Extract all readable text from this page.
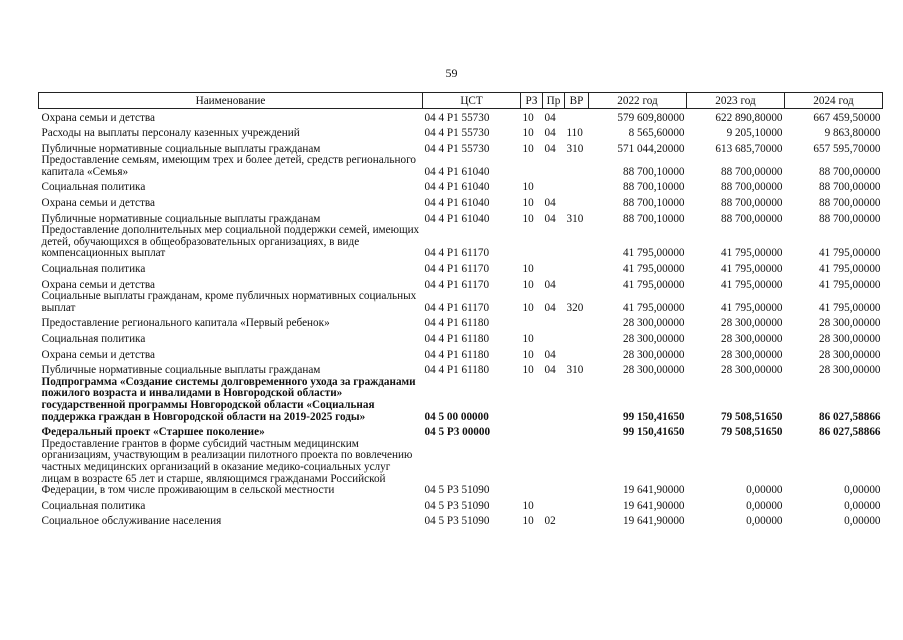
59
Наименование	ЦСТ	РЗ	Пр	ВР	2022 год	2023 год	2024 год
Охрана семьи и детства	04 4 Р1 55730	10	04		579 609,80000	622 890,80000	667 459,50000
Расходы на выплаты персоналу казенных учреждений	04 4 Р1 55730	10	04	110	8 565,60000	9 205,10000	9 863,80000
Публичные нормативные социальные выплаты гражданам	04 4 Р1 55730	10	04	310	571 044,20000	613 685,70000	657 595,70000
Предоставление семьям, имеющим трех и более детей, средств регионального капитала «Семья»	04 4 Р1 61040				88 700,10000	88 700,00000	88 700,00000
Социальная политика	04 4 Р1 61040	10			88 700,10000	88 700,00000	88 700,00000
Охрана семьи и детства	04 4 Р1 61040	10	04		88 700,10000	88 700,00000	88 700,00000
Публичные нормативные социальные выплаты гражданам	04 4 Р1 61040	10	04	310	88 700,10000	88 700,00000	88 700,00000
Предоставление дополнительных мер социальной поддержки семей, имеющих детей, обучающихся в общеобразовательных организациях, в виде компенсационных выплат	04 4 Р1 61170				41 795,00000	41 795,00000	41 795,00000
Социальная политика	04 4 Р1 61170	10			41 795,00000	41 795,00000	41 795,00000
Охрана семьи и детства	04 4 Р1 61170	10	04		41 795,00000	41 795,00000	41 795,00000
Социальные выплаты гражданам, кроме публичных нормативных социальных выплат	04 4 Р1 61170	10	04	320	41 795,00000	41 795,00000	41 795,00000
Предоставление регионального капитала «Первый ребенок»	04 4 Р1 61180				28 300,00000	28 300,00000	28 300,00000
Социальная политика	04 4 Р1 61180	10			28 300,00000	28 300,00000	28 300,00000
Охрана семьи и детства	04 4 Р1 61180	10	04		28 300,00000	28 300,00000	28 300,00000
Публичные нормативные социальные выплаты гражданам	04 4 Р1 61180	10	04	310	28 300,00000	28 300,00000	28 300,00000
Подпрограмма «Создание системы долговременного ухода за гражданами пожилого возраста и инвалидами в Новгородской области» государственной программы Новгородской области «Социальная поддержка граждан в Новгородской области на 2019-2025 годы»	04 5 00 00000				99 150,41650	79 508,51650	86 027,58866
Федеральный проект «Старшее поколение»	04 5 Р3 00000				99 150,41650	79 508,51650	86 027,58866
Предоставление грантов в форме субсидий частным медицинским организациям, участвующим в реализации пилотного проекта по вовлечению частных медицинских организаций в оказание медико-социальных услуг лицам в возрасте 65 лет и старше, являющимся гражданами Российской Федерации, в том числе проживающим в сельской местности	04 5 Р3 51090				19 641,90000	0,00000	0,00000
Социальная политика	04 5 Р3 51090	10			19 641,90000	0,00000	0,00000
Социальное обслуживание населения	04 5 Р3 51090	10	02		19 641,90000	0,00000	0,00000
